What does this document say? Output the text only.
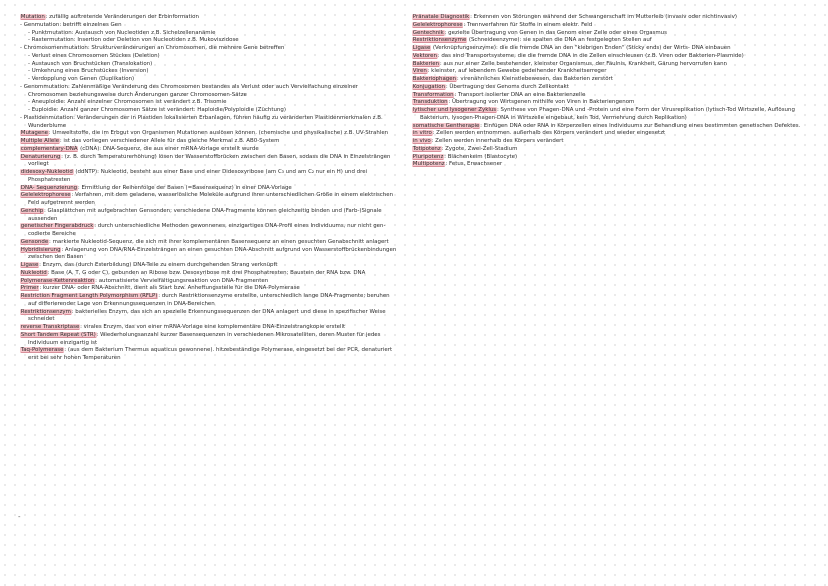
Mutation: zufällig auftretende Veränderungen der Erbinformation

- Genmutation: betrifft einzelnes Gen

- Punktmutation: Austausch von Nucleotiden z.B. Sichelzellenanämie

- Rastermutation: Insertion oder Deletion von Nucleotiden z.B. Mukoviszidose

- Chromosomenmutation: Strukturveränderungen an Chromosomen, die mehrere Gene betreffen

- Verlust eines Chromosomen Stückes (Deletion)

- Austausch von Bruchstücken (Translokation)

- Umkehrung eines Bruchstückes (Inversion)

- Verdopplung von Genen (Duplikation)

- Genommutation: Zahlenmäßige Veränderung des Chromosomen bestandes als Verlust oder auch Vervielfachung einzelner Chromosomen beziehungsweise durch Änderungen ganzer Chromosomen-Sätze

- Aneuploidie: Anzahl einzelner Chromosomen ist verändert z.B. Trisomie

- Euploidie: Anzahl ganzer Chromosomen Sätze ist verändert: Haploidie/Polyploidie (Züchtung)

- Plastidenmutation: Veränderungen der in Plastiden lokalisierten Erbanlagen, führen häufig zu veränderten Plastidenmerkmalen z.B. Wunderblume

Mutagene: Umweltstoffe, die im Erbgut von Organismen Mutationen auslösen können. (chemische und physikalische) z.B. UV-Strahlen

Multiple Allele: ist das vorliegen verschiedener Allele für das gleiche Merkmal z.B. AB0-System

complementary-DNA (cDNA): DNA-Sequenz, die aus einer mRNA-Vorlage erstellt wurde

Denaturierung: (z. B. durch Temperaturerhöhung) lösen der Wasserstoffbrücken zwischen den Basen, sodass die DNA in Einzelsträngen vorliegt

didesoxy-Nukleotid (ddNTP): Nukleotid, besteht aus einer Base und einer Didesoxyribose (am C₃ und am C₂ nur ein H) und drei Phosphatresten

DNA- Sequenzierung: Ermittlung der Reihenfolge der Basen (=Basensequenz) in einer DNA-Vorlage

Gelelektrophorese: Verfahren, mit dem geladene, wasserlösliche Moleküle aufgrund ihrer unterschiedlichen Größe in einem elektrischen Feld aufgetrennt werden

Genchip: Glasplättchen mit aufgebrachten Gensonden; verschiedene DNA-Fragmente können gleichzeitig binden und (Farb-)Signale aussenden

genetischer Fingerabdruck: durch unterschiedliche Methoden gewonnenes, einzigartiges DNA-Profil eines Individuums, nur nicht gen-codierte Bereiche

Gensonde: markierte Nukleotid-Sequenz, die sich mit ihrer komplementären Basensequenz an einen gesuchten Genabschnitt anlagert

Hybridisierung: Anlagerung von DNA/RNA-Einzelsträngen an einen gesuchten DNA-Abschnitt aufgrund von Wasserstoffbrückenbindungen zwischen den Basen

Ligase: Enzym, das (durch Esterbildung) DNA-Teile zu einem durchgehenden Strang verknüpft

Nukleotid: Base (A, T, G oder C), gebunden an Ribose bzw. Desoxyribose mit drei Phosphatresten; Baustein der RNA bzw. DNA

Polymerase-Kettenreaktion: automatisierte Vervielfältigungsreaktion von DNA-Fragmenten

Primer: kurzer DNA- oder RNA-Abschnitt, dient als Start bzw. Anheftungsstelle für die DNA-Polymerase

Restriction Fragment Length Polymorphism (RFLP): durch Restriktionsenzyme erstellte, unterschiedlich lange DNA-Fragmente; beruhen auf differierender Lage von Erkennungssequenzen in DNA-Bereichen

Restriktionsenzym: bakterielles Enzym, das sich an spezielle Erkennungssequenzen der DNA anlagert und diese in spezifischer Weise schneidet

reverse Transkriptase: virales Enzym, das von einer mRNA-Vorlage eine komplementäre DNA-Einzelstrangkopie erstellt

Short Tandem Repeat (STR): Wiederholungsanzahl kurzer Basensequenzen in verschiedenen Mikrosatelliten, deren Muster für jedes Individuum einzigartig ist

Taq-Polymerase: (aus dem Bakterium Thermus aquaticus gewonnene). hitzebeständige Polymerase, eingesetzt bei der PCR, denaturiert erst bei sehr hohen Temperaturen

Pränatale Diagnostik: Erkennen von Störungen während der Schwangerschaft im Mutterleib (invasiv oder nichtinvasiv)

Gelelektrophorese: Trennverfahren für Stoffe in einem elektr. Feld

Gentechnik: gezielte Übertragung von Genen in das Genom einer Zelle oder eines Orgasmus

Restriktionsenzyme (Schneideenzyme): sie spalten die DNA an festgelegten Stellen auf

Ligase (Verknüpfungsenzyme): die die fremde DNA an den "klebrigen Enden" (Sticky ends) der Wirts- DNA einbauen

Vektoren: das sind Transportsysteme, die die fremde DNA in die Zellen einschleusen (z.B. Viren oder Bakterien-Plasmide)

Bakterien: aus nur einer Zelle bestehender, kleinster Organismus, der Fäulnis, Krankheit, Gärung hervorrufen kann

Viren: kleinster, auf lebendem Gewebe gedeihender Krankheitserreger

Bakteriophagen: virenähnliches Kleinstlebewesen, das Bakterien zerstört

Konjugation: Übertragung des Genoms durch Zellkontakt

Transformation: Transport isolierter DNA an eine Bakterienzelle

Transduktion: Übertragung von Wirtsgenen mithilfe von Viren in Bakteriengenom

lytischer und lysogener Zyklus: Synthese von Phagen-DNA und -Protein und eine Form der Virusreplikation (lytisch-Tod Wirtszelle, Auflösung Bakterium, lysogen-Phagen-DNA in Wirtszelle eingebaut, kein Tod, Vermehrung durch Replikation)

somatische Gentherapie: Einfügen DNA oder RNA in Körperzellen eines Individuums zur Behandlung eines bestimmten genetischen Defektes.

in vitro: Zellen werden entnommen. außerhalb des Körpers verändert und wieder eingesetzt

in vivo: Zellen werden innerhalb des Körpers verändert

Totipotenz: Zygote, Zwei-Zell-Stadium

Pluripotenz: Blächenkeim (Blastocyte)

Multipotenz: Fetus, Erwachsener

-
